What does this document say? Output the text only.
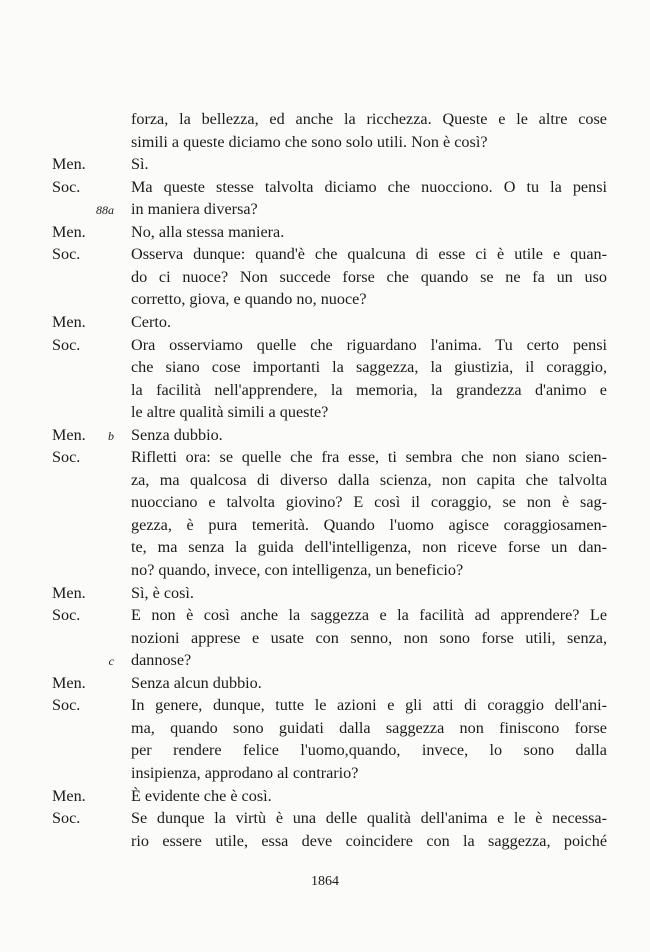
forza, la bellezza, ed anche la ricchezza. Queste e le altre cose
simili a queste diciamo che sono solo utili. Non è così?
Men.	Sì.
Soc.	Ma queste stesse talvolta diciamo che nuocciono. O tu la pensi
88a in maniera diversa?
Men.	No, alla stessa maniera.
Soc.	Osserva dunque: quand'è che qualcuna di esse ci è utile e quan-
do ci nuoce? Non succede forse che quando se ne fa un uso
corretto, giova, e quando no, nuoce?
Men.	Certo.
Soc.	Ora osserviamo quelle che riguardano l'anima. Tu certo pensi
che siano cose importanti la saggezza, la giustizia, il coraggio,
la facilità nell'apprendere, la memoria, la grandezza d'animo e
le altre qualità simili a queste?
Men.	b Senza dubbio.
Soc.	Rifletti ora: se quelle che fra esse, ti sembra che non siano scien-
za, ma qualcosa di diverso dalla scienza, non capita che talvolta
nuocciano e talvolta giovino? E così il coraggio, se non è sag-
gezza, è pura temerità. Quando l'uomo agisce coraggiosamen-
te, ma senza la guida dell'intelligenza, non riceve forse un dan-
no? quando, invece, con intelligenza, un beneficio?
Men.	Sì, è così.
Soc.	E non è così anche la saggezza e la facilità ad apprendere? Le
nozioni apprese e usate con senno, non sono forse utili, senza,
c dannose?
Men.	Senza alcun dubbio.
Soc.	In genere, dunque, tutte le azioni e gli atti di coraggio dell'ani-
ma, quando sono guidati dalla saggezza non finiscono forse
per rendere felice l'uomo,quando, invece, lo sono dalla
insipienza, approdano al contrario?
Men.	È evidente che è così.
Soc.	Se dunque la virtù è una delle qualità dell'anima e le è necessa-
rio essere utile, essa deve coincidere con la saggezza, poiché
1864
